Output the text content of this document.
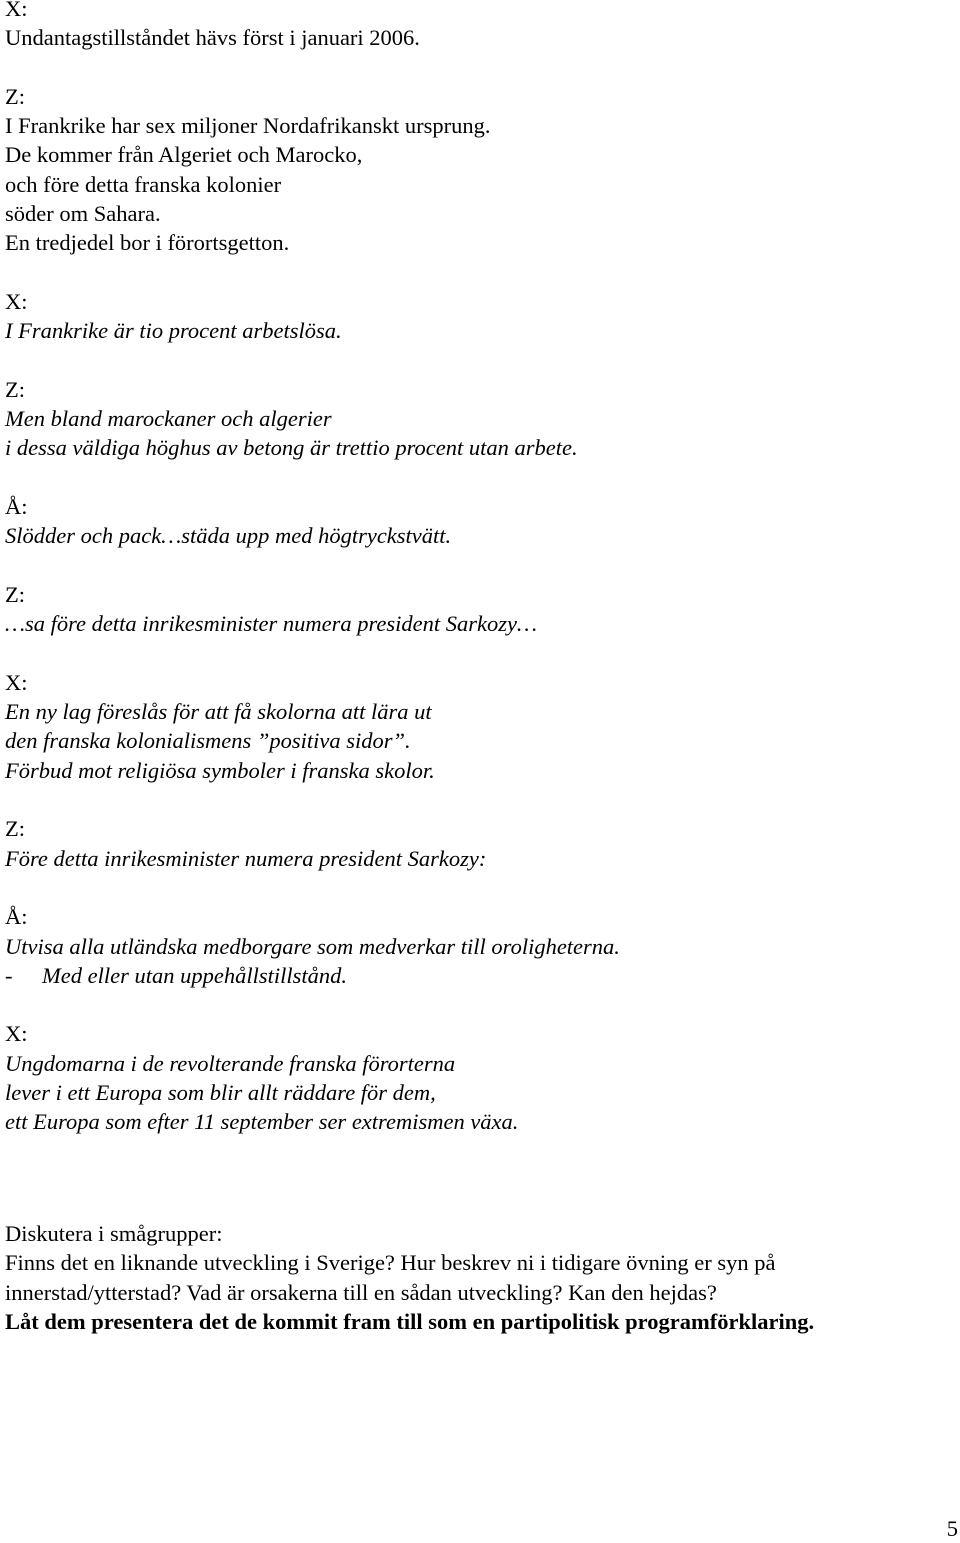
X:
Undantagstillståndet hävs först i januari 2006.
Z:
I Frankrike har sex miljoner Nordafrikanskt ursprung.
De kommer från Algeriet och Marocko,
och före detta franska kolonier
söder om Sahara.
En tredjedel bor i förortsgetton.
X:
I Frankrike är tio procent arbetslösa.
Z:
Men bland marockaner och algerier
i dessa väldiga höghus av betong är trettio procent utan arbete.
Å:
Slödder och pack…städa upp med högtryckstvätt.
Z:
…sa före detta inrikesminister numera president Sarkozy…
X:
En ny lag föreslås för att få skolorna att lära ut
den franska kolonialismens ”positiva sidor”.
Förbud mot religiösa symboler i franska skolor.
Z:
Före detta inrikesminister numera president Sarkozy:
Å:
Utvisa alla utländska medborgare som medverkar till oroligheterna.
- Med eller utan uppehållstillstånd.
X:
Ungdomarna i de revolterande franska förorterna
lever i ett Europa som blir allt räddare för dem,
ett Europa som efter 11 september ser extremismen växa.
Diskutera i smågrupper:
Finns det en liknande utveckling i Sverige? Hur beskrev ni i tidigare övning er syn på
innerstad/ytterstad? Vad är orsakerna till en sådan utveckling? Kan den hejdas?
Låt dem presentera det de kommit fram till som en partipolitisk programförklaring.
5
